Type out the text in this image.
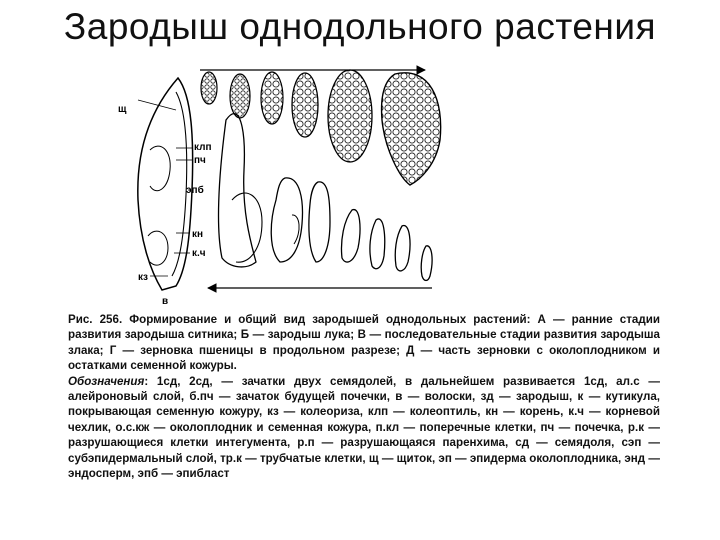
Зародыш однодольного растения
щ
клп
пч
эпб
кн
к.ч
кз
в

Рис. 256. Формирование и общий вид зародышей однодольных растений: А — ранние стадии развития зародыша ситника; Б — зародыш лука; В — последовательные стадии развития зародыша злака; Г — зерновка пшеницы в продольном разрезе; Д — часть зерновки с околоплодником и остатками семенной кожуры.

Обозначения: 1сд, 2сд, — зачатки двух семядолей, в дальнейшем развивается 1сд, ал.с — алейроновый слой, б.пч — зачаток будущей почечки, в — волоски, зд — зародыш, к — кутикула, покрывающая семенную кожуру, кз — колеориза, клп — колеоптиль, кн — корень, к.ч — корневой чехлик, о.с.кж — околоплодник и семенная кожура, п.кл — поперечные клетки, пч — почечка, р.к — разрушающиеся клетки интегумента, р.п — разрушающаяся паренхима, сд — семядоля, сэп — субэпидермальный слой, тр.к — трубчатые клетки, щ — щиток, эп — эпидерма околоплодника, энд — эндосперм, эпб — эпибласт
